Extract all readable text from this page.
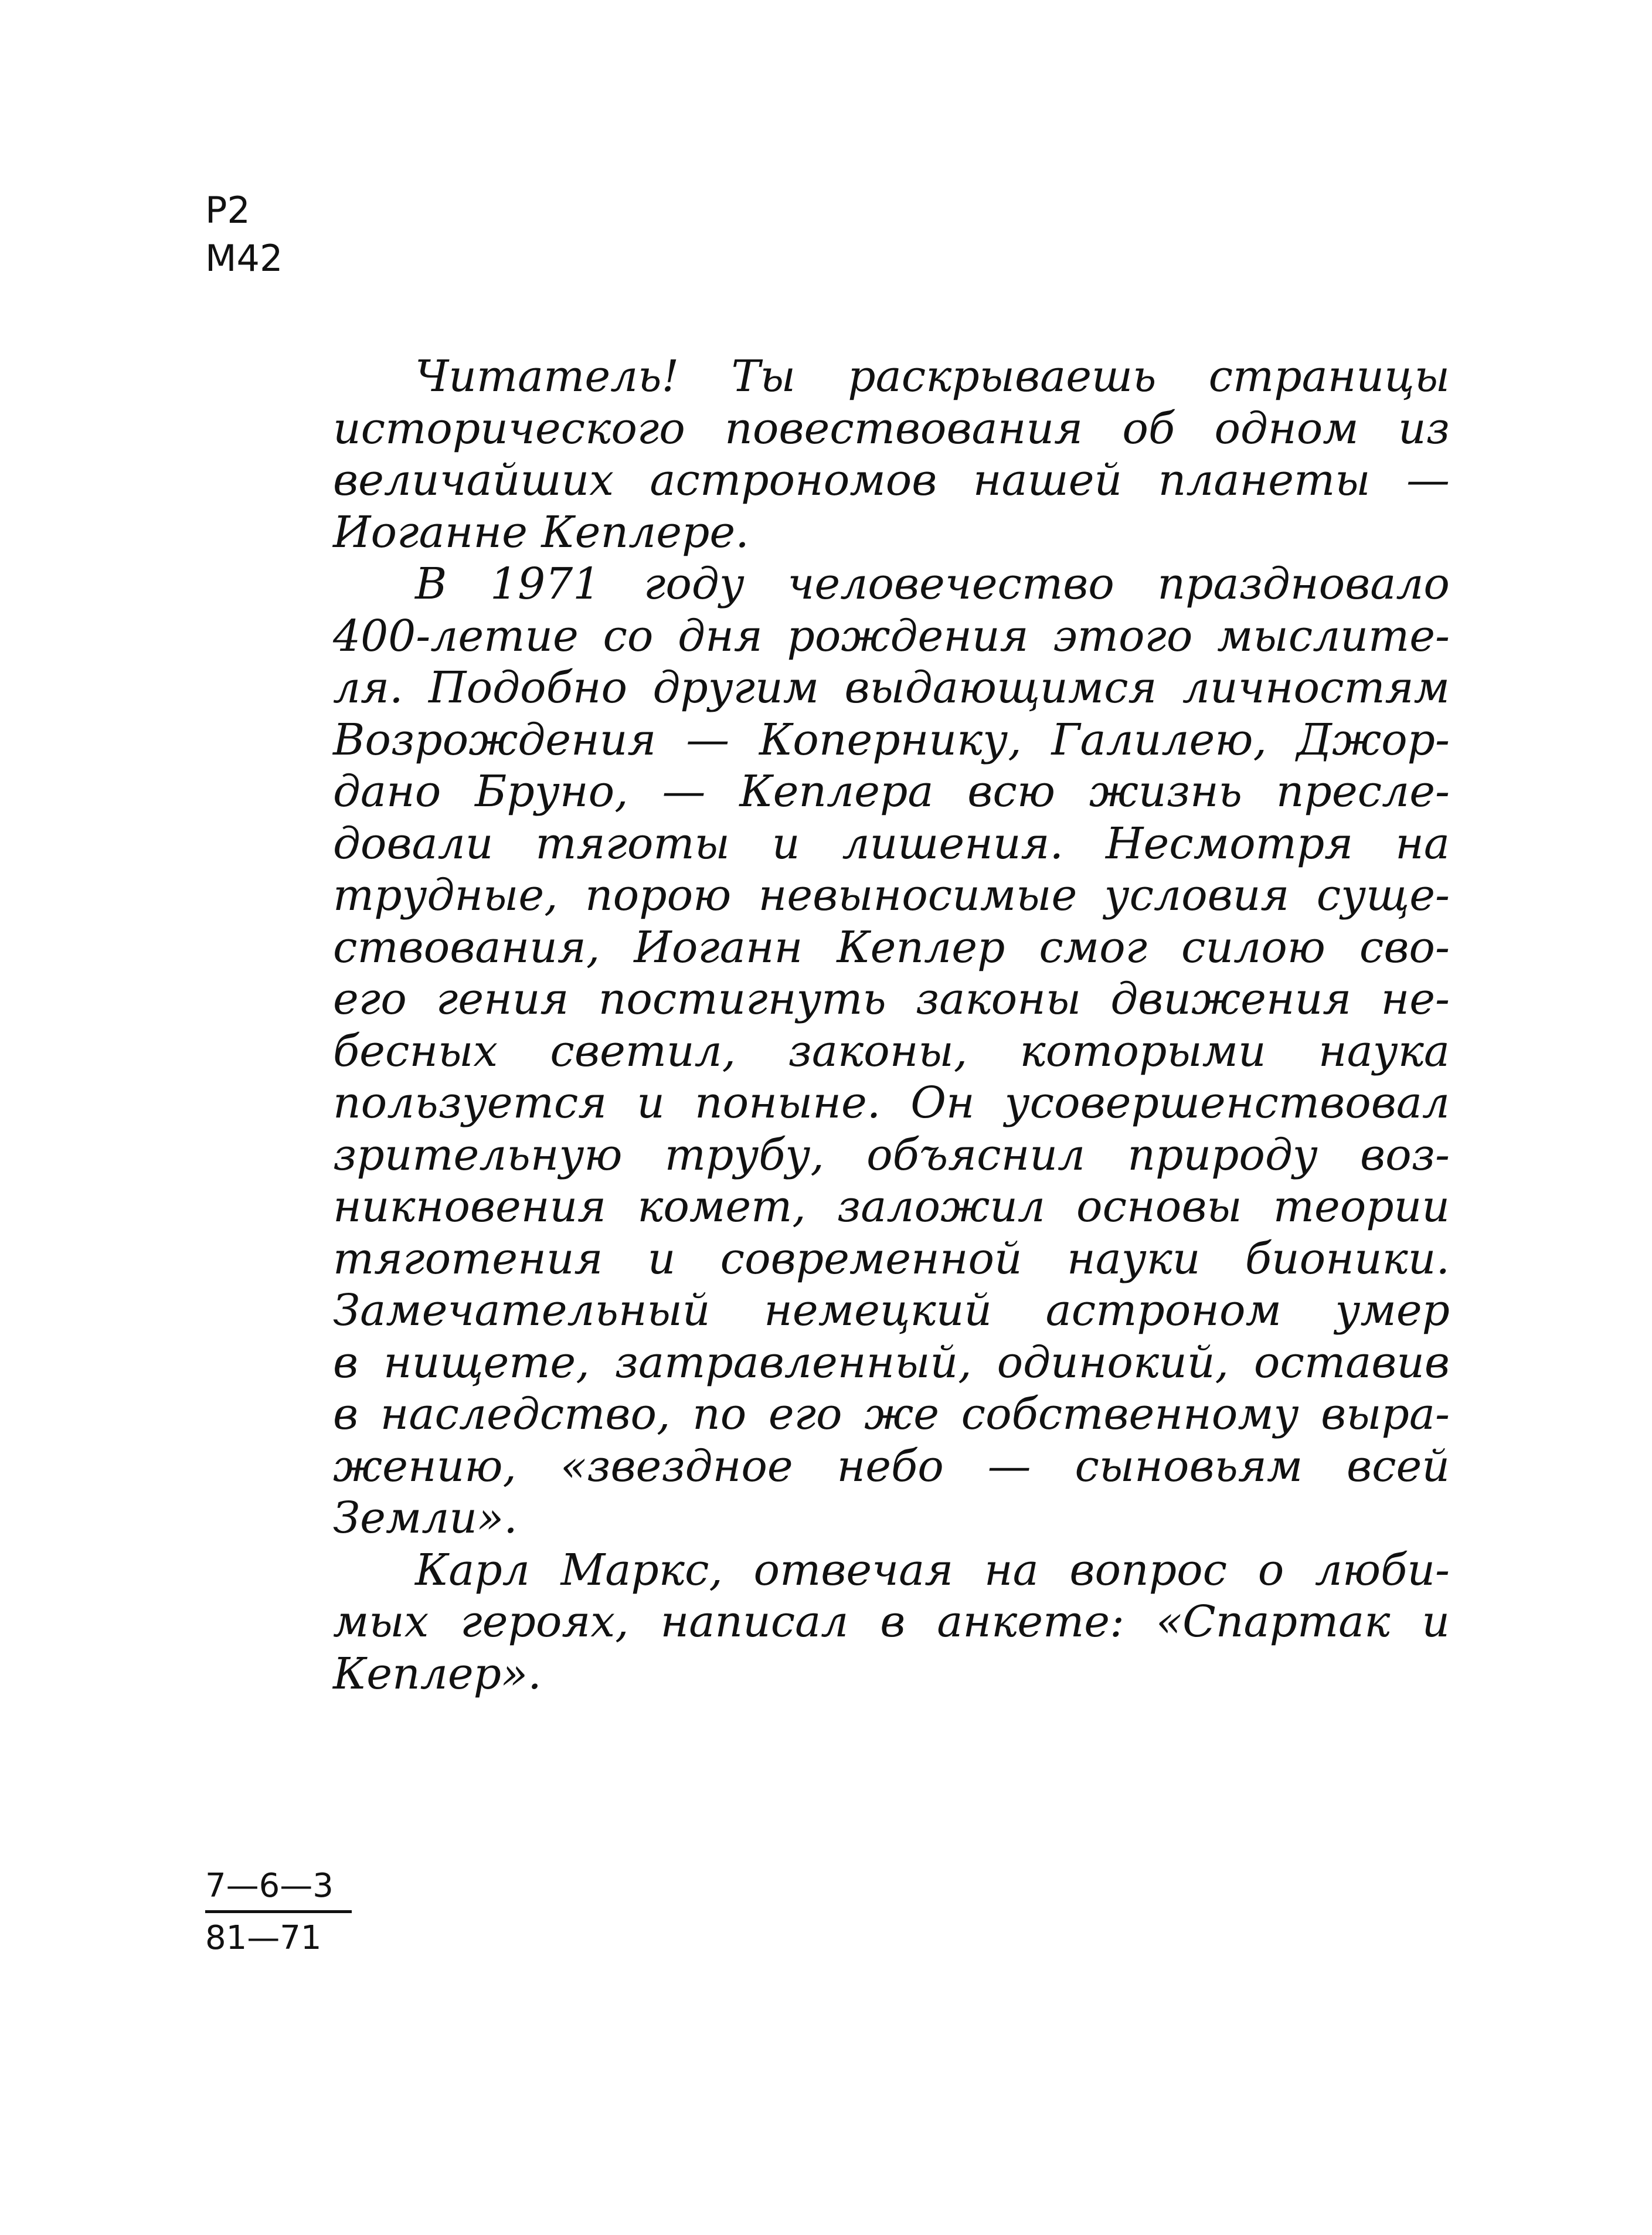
Р2
М42
Читатель! Ты раскрываешь страницы
исторического повествования об одном из
величайших астрономов нашей планеты —
Иоганне Кеплере.
В 1971 году человечество праздновало
400-летие со дня рождения этого мыслите-
ля. Подобно другим выдающимся личностям
Возрождения — Копернику, Галилею, Джор-
дано Бруно, — Кеплера всю жизнь пресле-
довали тяготы и лишения. Несмотря на
трудные, порою невыносимые условия суще-
ствования, Иоганн Кеплер смог силою сво-
его гения постигнуть законы движения не-
бесных светил, законы, которыми наука
пользуется и поныне. Он усовершенствовал
зрительную трубу, объяснил природу воз-
никновения комет, заложил основы теории
тяготения и современной науки бионики.
Замечательный немецкий астроном умер
в нищете, затравленный, одинокий, оставив
в наследство, по его же собственному выра-
жению, «звездное небо — сыновьям всей
Земли».
Карл Маркс, отвечая на вопрос о люби-
мых героях, написал в анкете: «Спартак и
Кеплер».
7—6—3
81—71
